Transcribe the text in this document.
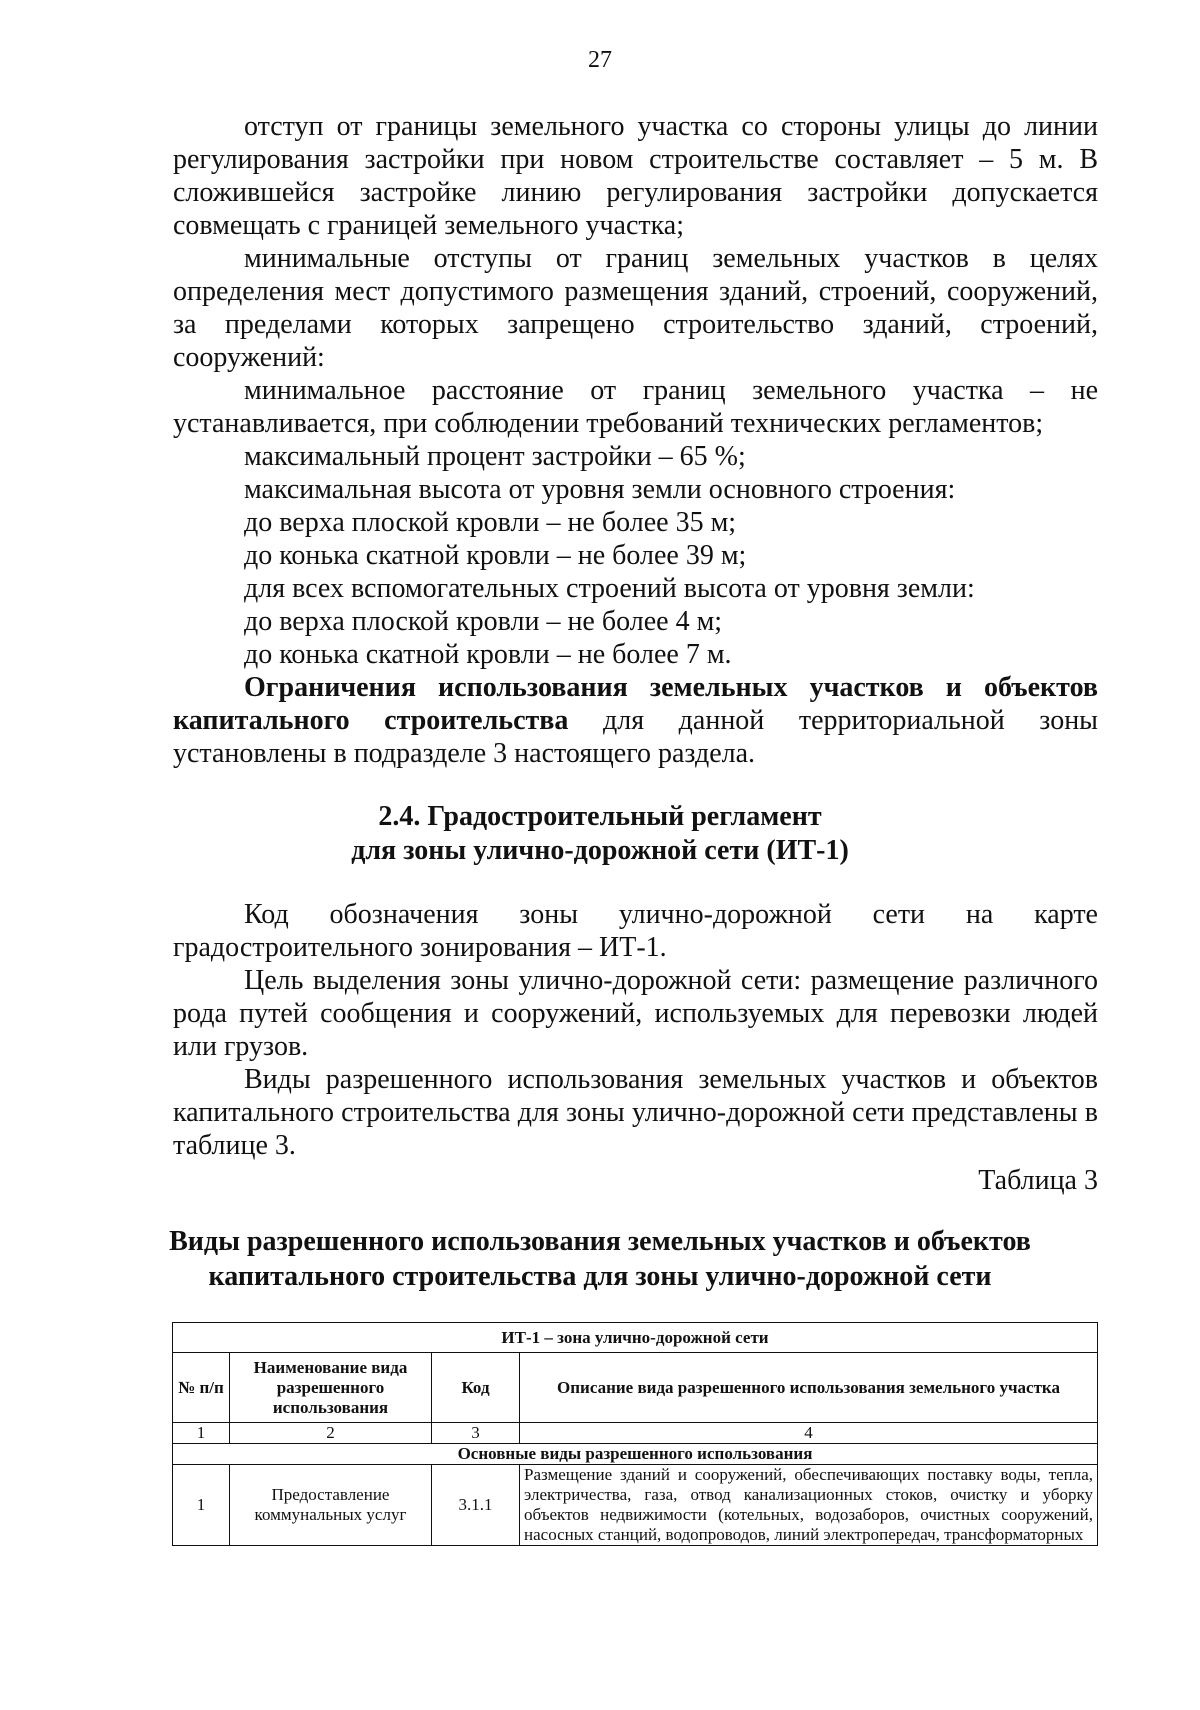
27

отступ от границы земельного участка со стороны улицы до линии регулирования застройки при новом строительстве составляет – 5 м. В сложившейся застройке линию регулирования застройки допускается совмещать с границей земельного участка;

минимальные отступы от границ земельных участков в целях определения мест допустимого размещения зданий, строений, сооружений, за пределами которых запрещено строительство зданий, строений, сооружений:

минимальное расстояние от границ земельного участка – не устанавливается, при соблюдении требований технических регламентов;

максимальный процент застройки – 65 %;

максимальная высота от уровня земли основного строения:

до верха плоской кровли – не более 35 м;

до конька скатной кровли – не более 39 м;

для всех вспомогательных строений высота от уровня земли:

до верха плоской кровли – не более 4 м;

до конька скатной кровли – не более 7 м.

Ограничения использования земельных участков и объектов капитального строительства для данной территориальной зоны установлены в подразделе 3 настоящего раздела.

2.4. Градостроительный регламент
для зоны улично-дорожной сети (ИТ-1)

Код обозначения зоны улично-дорожной сети на карте градостроительного зонирования – ИТ-1.

Цель выделения зоны улично-дорожной сети: размещение различного рода путей сообщения и сооружений, используемых для перевозки людей или грузов.

Виды разрешенного использования земельных участков и объектов капитального строительства для зоны улично-дорожной сети представлены в таблице 3.

Таблица 3
Виды разрешенного использования земельных участков и объектов
капитального строительства для зоны улично-дорожной сети
ИТ-1 – зона улично-дорожной сети			
№ п/п	Наименование вида разрешенного использования	Код	Описание вида разрешенного использования земельного участка
1	2	3	4
Основные виды разрешенного использования			
1	Предоставление коммунальных услуг	3.1.1	Размещение зданий и сооружений, обеспечивающих поставку воды, тепла, электричества, газа, отвод канализационных стоков, очистку и уборку объектов недвижимости (котельных, водозаборов, очистных сооружений, насосных станций, водопроводов, линий электропередач, трансформаторных
